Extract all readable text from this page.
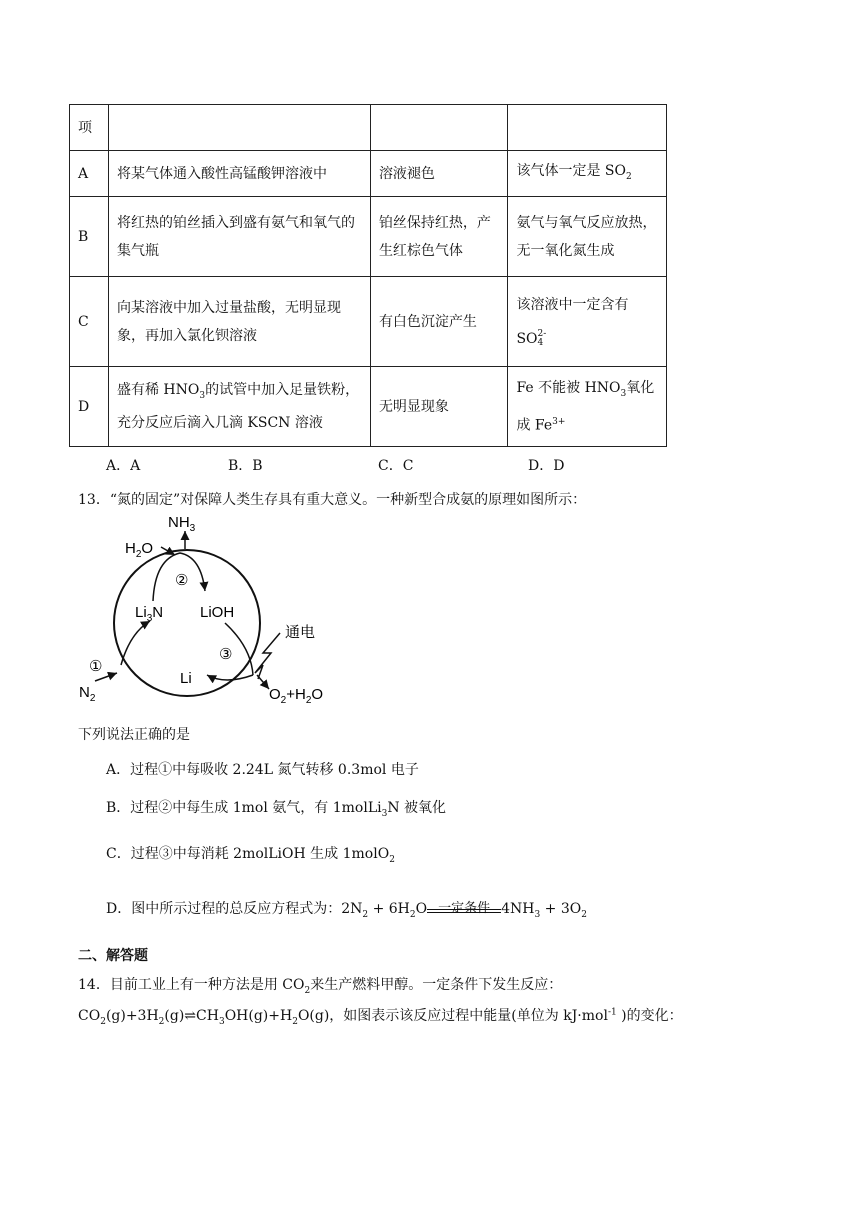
项			
A	将某气体通入酸性高锰酸钾溶液中	溶液褪色	该气体一定是 $SO_2$
B	将红热的铂丝插入到盛有氨气和氧气的集气瓶	铂丝保持红热，产生红棕色气体	氨气与氧气反应放热，无一氧化氮生成
C	向某溶液中加入过量盐酸，无明显现象，再加入氯化钡溶液	有白色沉淀产生	该溶液中一定含有
SO 2-
4

D	盛有稀 $HNO_3$的试管中加入足量铁粉，充分反应后滴入几滴 KSCN 溶液	无明显现象	Fe 不能被 $HNO_3$氧化成 $Fe^{3+}$
A．A	B．B	C．C	D．D
13．“氮的固定”对保障人类生存具有重大意义。一种新型合成氨的原理如图所示：
$NH_3$
$H_2O$
②
$Li_3N$ LiOH
通电
①
③
Li
$N_2$	$O_2+H_2O$
下列说法正确的是
A．过程①中每吸收 2.24L 氮气转移 0.3mol 电子
B．过程②中每生成 1mol 氨气，有 1molLi$_3$N 被氧化
C．过程③中每消耗 2molLiOH 生成 1molO$_2$
D．图中所示过程的总反应方程式为：$2N_2 + 6H_2O$ 一定条件 $4NH_3 + 3O_2$
二、解答题
14．目前工业上有一种方法是用 $CO_2$来生产燃料甲醇。一定条件下发生反应：
$CO_2(g)+3H_2(g)\rightleftharpoons CH_3OH(g)+H_2O(g)$，如图表示该反应过程中能量(单位为 kJ·mol$^{-1}$ )的变化：
